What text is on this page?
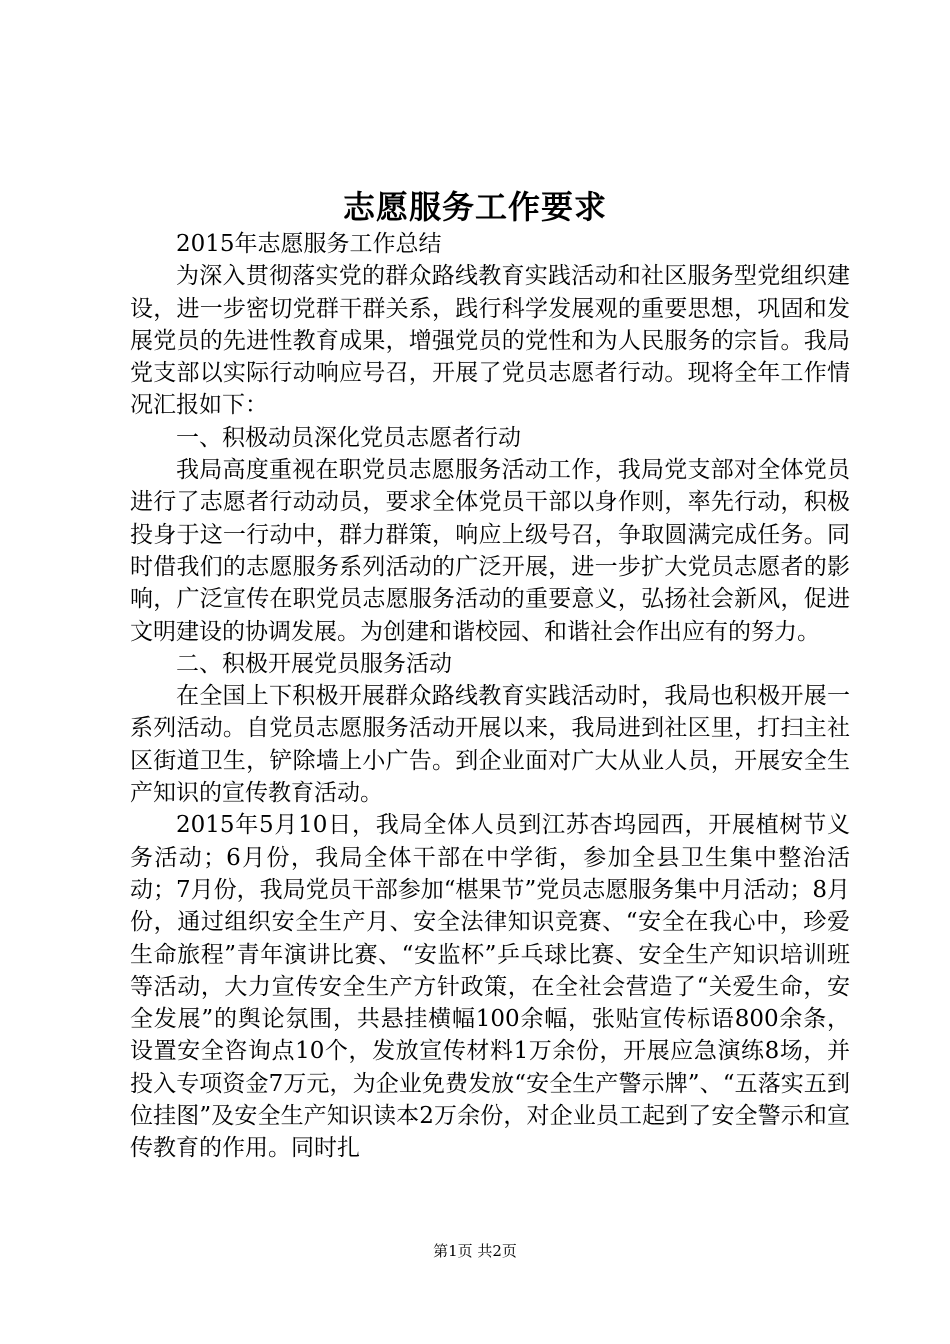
志愿服务工作要求

2015年志愿服务工作总结

为深入贯彻落实党的群众路线教育实践活动和社区服务型党组织建设，进一步密切党群干群关系，践行科学发展观的重要思想，巩固和发展党员的先进性教育成果，增强党员的党性和为人民服务的宗旨。我局党支部以实际行动响应号召，开展了党员志愿者行动。现将全年工作情况汇报如下：

一、积极动员深化党员志愿者行动

我局高度重视在职党员志愿服务活动工作，我局党支部对全体党员进行了志愿者行动动员，要求全体党员干部以身作则，率先行动，积极投身于这一行动中，群力群策，响应上级号召，争取圆满完成任务。同时借我们的志愿服务系列活动的广泛开展，进一步扩大党员志愿者的影响，广泛宣传在职党员志愿服务活动的重要意义，弘扬社会新风，促进文明建设的协调发展。为创建和谐校园、和谐社会作出应有的努力。

二、积极开展党员服务活动

在全国上下积极开展群众路线教育实践活动时，我局也积极开展一系列活动。自党员志愿服务活动开展以来，我局进到社区里，打扫主社区街道卫生，铲除墙上小广告。到企业面对广大从业人员，开展安全生产知识的宣传教育活动。

2015年5月10日，我局全体人员到江苏杏坞园西，开展植树节义务活动；6月份，我局全体干部在中学街，参加全县卫生集中整治活动；7月份，我局党员干部参加“椹果节”党员志愿服务集中月活动；8月份，通过组织安全生产月、安全法律知识竞赛、“安全在我心中，珍爱生命旅程”青年演讲比赛、“安监杯”乒乓球比赛、安全生产知识培训班等活动，大力宣传安全生产方针政策，在全社会营造了“关爱生命，安全发展”的舆论氛围，共悬挂横幅100余幅，张贴宣传标语800余条，设置安全咨询点10个，发放宣传材料1万余份，开展应急演练8场，并投入专项资金7万元，为企业免费发放“安全生产警示牌”、“五落实五到位挂图”及安全生产知识读本2万余份，对企业员工起到了安全警示和宣传教育的作用。同时扎

第1页 共2页
